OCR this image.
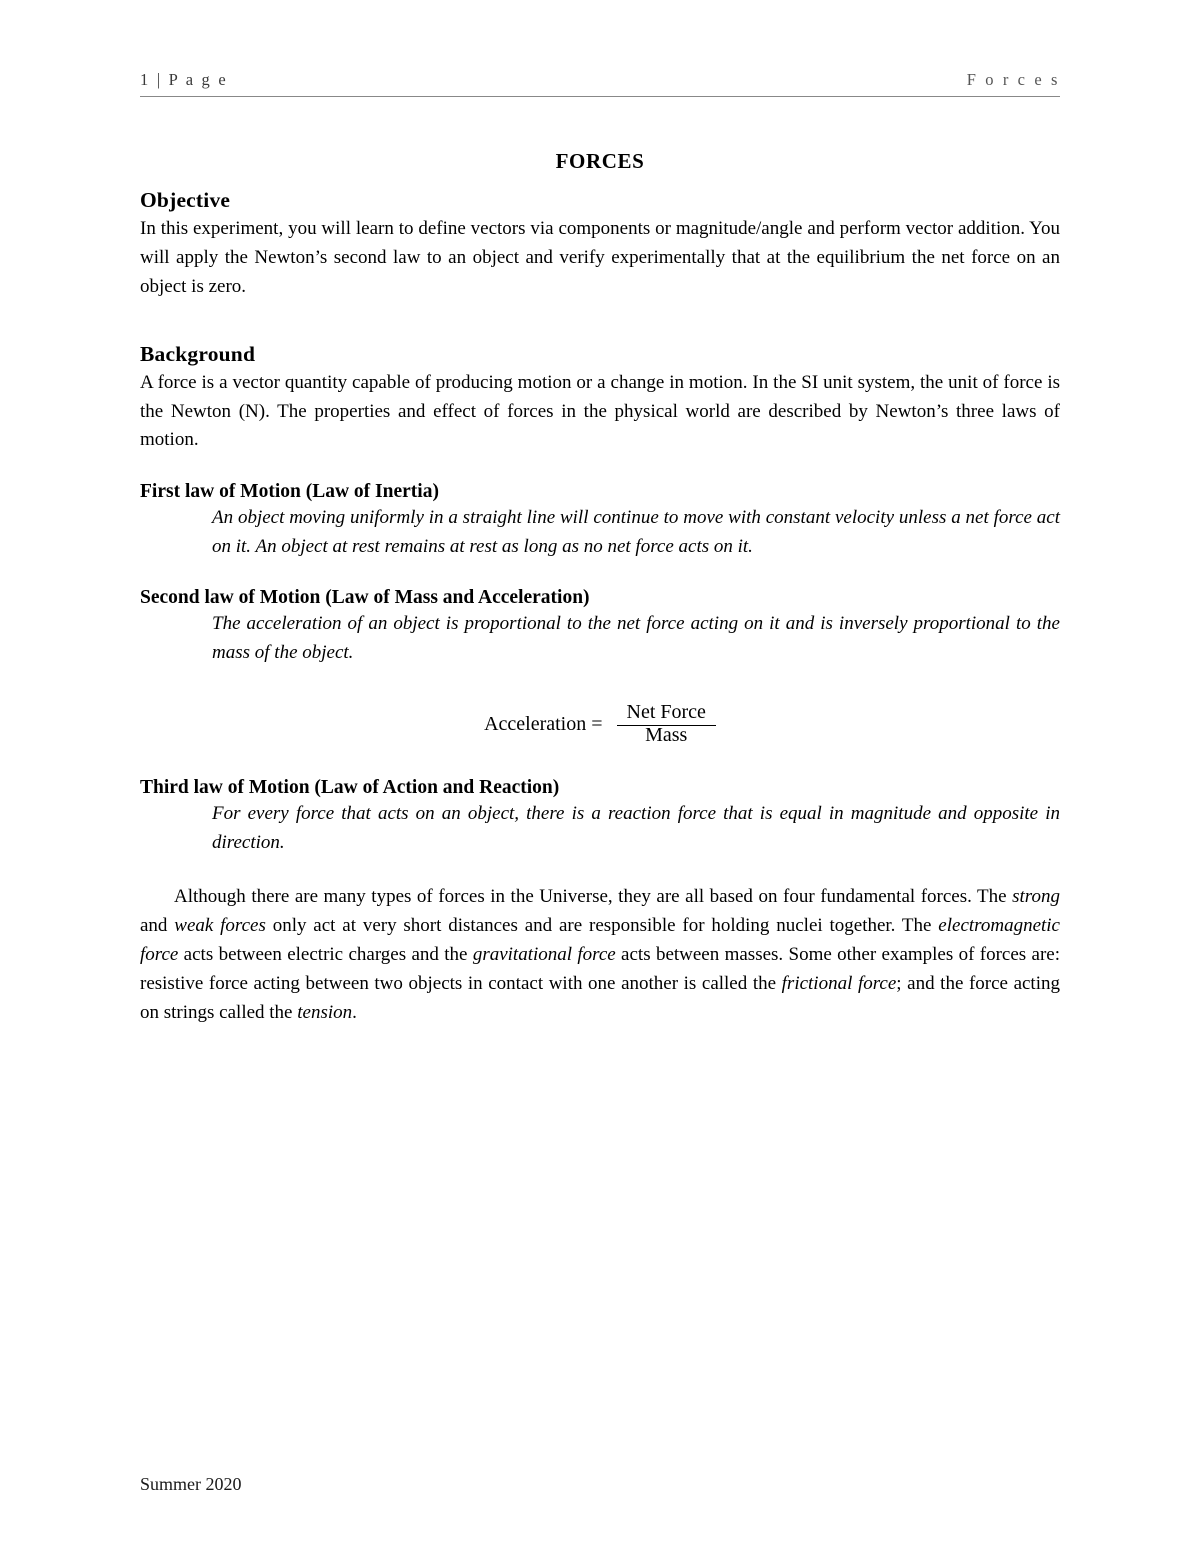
1 | P a g e	F o r c e s
FORCES
Objective

In this experiment, you will learn to define vectors via components or magnitude/angle and perform vector addition. You will apply the Newton’s second law to an object and verify experimentally that at the equilibrium the net force on an object is zero.

Background

A force is a vector quantity capable of producing motion or a change in motion. In the SI unit system, the unit of force is the Newton (N). The properties and effect of forces in the physical world are described by Newton’s three laws of motion.

First law of Motion (Law of Inertia)

An object moving uniformly in a straight line will continue to move with constant velocity unless a net force act on it. An object at rest remains at rest as long as no net force acts on it.

Second law of Motion (Law of Mass and Acceleration)

The acceleration of an object is proportional to the net force acting on it and is inversely proportional to the mass of the object.

Acceleration = $\frac{\text{Net Force}}{\text{Mass}}$
Third law of Motion (Law of Action and Reaction)

For every force that acts on an object, there is a reaction force that is equal in magnitude and opposite in direction.

Although there are many types of forces in the Universe, they are all based on four fundamental forces. The strong and weak forces only act at very short distances and are responsible for holding nuclei together. The electromagnetic force acts between electric charges and the gravitational force acts between masses. Some other examples of forces are: resistive force acting between two objects in contact with one another is called the frictional force; and the force acting on strings called the tension.

Summer 2020
